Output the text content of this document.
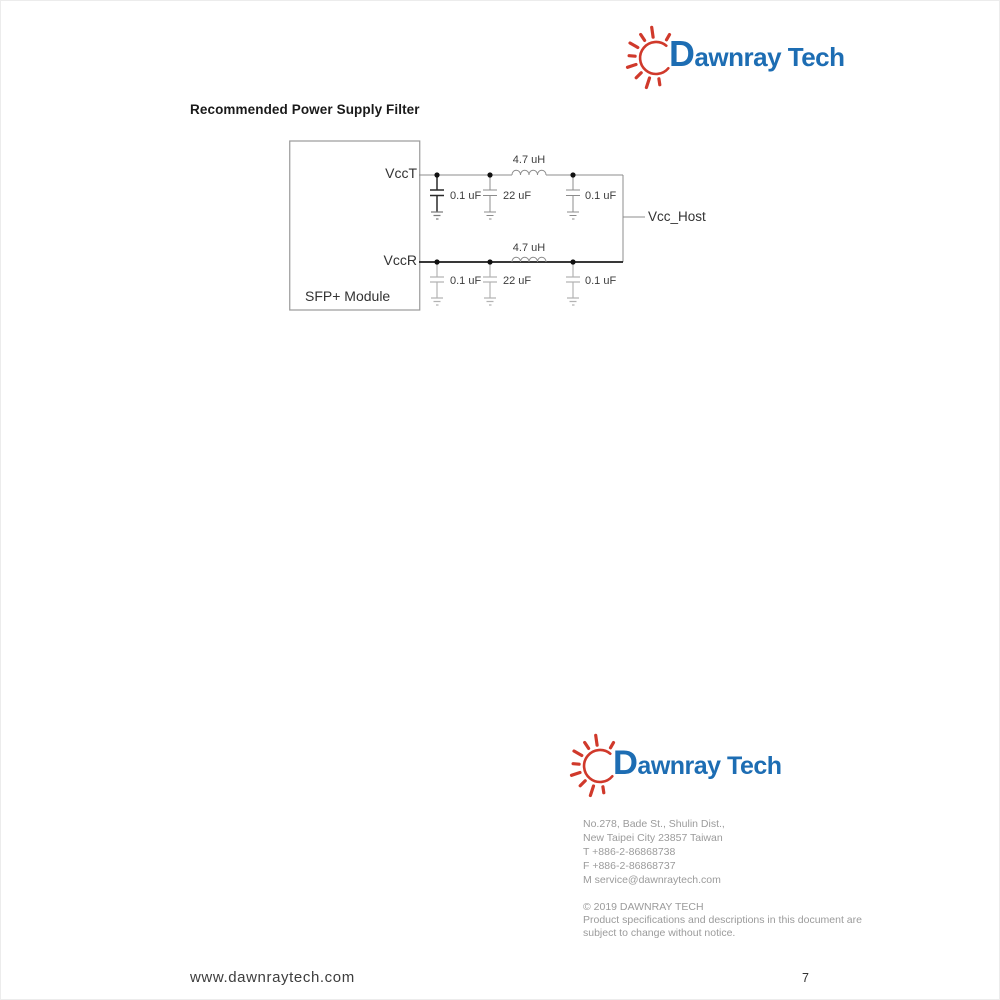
Dawnray Tech
Recommended Power Supply Filter
VccT
VccR
SFP+ Module
Vcc_Host
4.7 uH
4.7 uH
0.1 uF 22 uF	0.1 uF
0.1 uF 22 uF	0.1 uF
Dawnray Tech
No.278, Bade St., Shulin Dist.,
New Taipei City 23857 Taiwan
T +886-2-86868738
F +886-2-86868737
M service@dawnraytech.com
© 2019 DAWNRAY TECH
Product specifications and descriptions in this document are
subject to change without notice.
www.dawnraytech.com	7
